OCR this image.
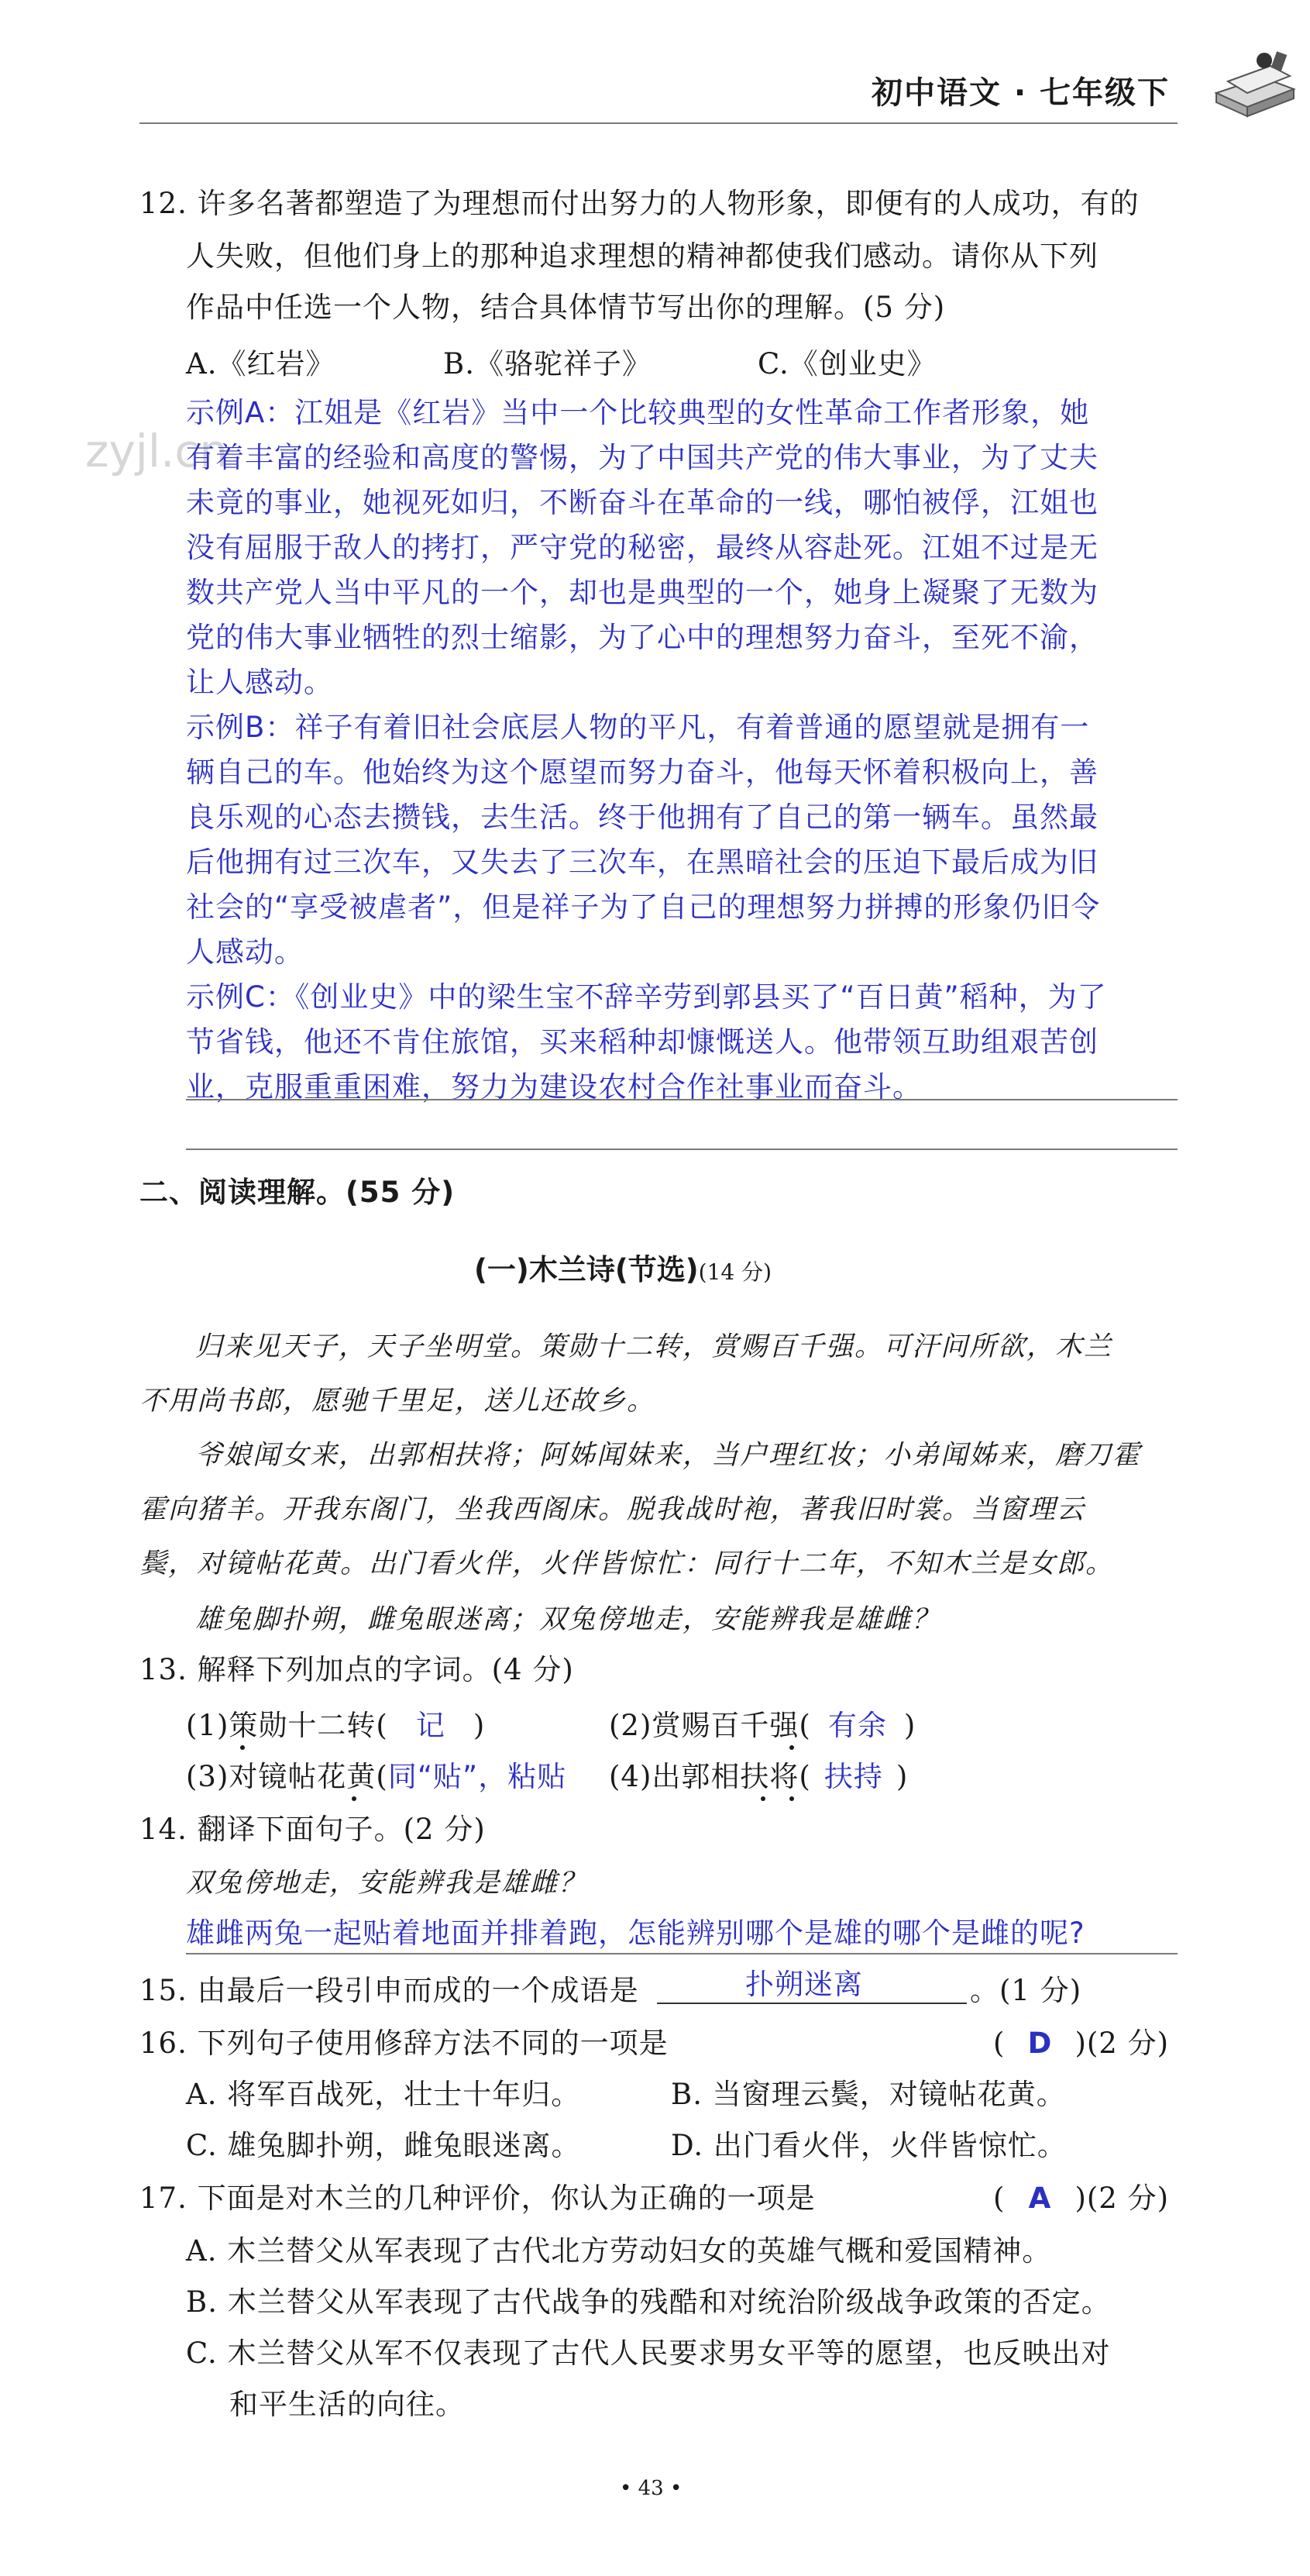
初中语文 · 七年级下
zyjl.cn
12. 许多名著都塑造了为理想而付出努力的人物形象，即便有的人成功，有的
人失败，但他们身上的那种追求理想的精神都使我们感动。请你从下列
作品中任选一个人物，结合具体情节写出你的理解。(5 分)
A.《红岩》	B.《骆驼祥子》	C.《创业史》
示例A：江姐是《红岩》当中一个比较典型的女性革命工作者形象，她
有着丰富的经验和高度的警惕，为了中国共产党的伟大事业，为了丈夫
未竟的事业，她视死如归，不断奋斗在革命的一线，哪怕被俘，江姐也
没有屈服于敌人的拷打，严守党的秘密，最终从容赴死。江姐不过是无
数共产党人当中平凡的一个，却也是典型的一个，她身上凝聚了无数为
党的伟大事业牺牲的烈士缩影，为了心中的理想努力奋斗，至死不渝，
让人感动。
示例B：祥子有着旧社会底层人物的平凡，有着普通的愿望就是拥有一
辆自己的车。他始终为这个愿望而努力奋斗，他每天怀着积极向上，善
良乐观的心态去攒钱，去生活。终于他拥有了自己的第一辆车。虽然最
后他拥有过三次车，又失去了三次车，在黑暗社会的压迫下最后成为旧
社会的“享受被虐者”，但是祥子为了自己的理想努力拼搏的形象仍旧令
人感动。
示例C：《创业史》中的梁生宝不辞辛劳到郭县买了“百日黄”稻种，为了
节省钱，他还不肯住旅馆，买来稻种却慷慨送人。他带领互助组艰苦创
业，克服重重困难，努力为建设农村合作社事业而奋斗。
二、阅读理解。(55 分)
(一)木兰诗(节选)(14 分)
归来见天子，天子坐明堂。策勋十二转，赏赐百千强。可汗问所欲，木兰
不用尚书郎，愿驰千里足，送儿还故乡。
爷娘闻女来，出郭相扶将；阿姊闻妹来，当户理红妆；小弟闻姊来，磨刀霍
霍向猪羊。开我东阁门，坐我西阁床。脱我战时袍，著我旧时裳。当窗理云
鬓，对镜帖花黄。出门看火伴，火伴皆惊忙：同行十二年，不知木兰是女郎。
雄兔脚扑朔，雌兔眼迷离；双兔傍地走，安能辨我是雄雌？
13. 解释下列加点的字词。(4 分)
(1)策勋十二转( 记 )	(2)赏赐百千强( 有余 )
(3)对镜帖花黄(同“贴”，粘贴 (4)出郭相扶将( 扶持 )
14. 翻译下面句子。(2 分)
双兔傍地走，安能辨我是雄雌？
雄雌两兔一起贴着地面并排着跑，怎能辨别哪个是雄的哪个是雌的呢?
15. 由最后一段引申而成的一个成语是	扑朔迷离	。(1 分)
16. 下列句子使用修辞方法不同的一项是	( D )(2 分)
A. 将军百战死，壮士十年归。	B. 当窗理云鬓，对镜帖花黄。
C. 雄兔脚扑朔，雌兔眼迷离。	D. 出门看火伴，火伴皆惊忙。
17. 下面是对木兰的几种评价，你认为正确的一项是	( A )(2 分)
A. 木兰替父从军表现了古代北方劳动妇女的英雄气概和爱国精神。
B. 木兰替父从军表现了古代战争的残酷和对统治阶级战争政策的否定。
C. 木兰替父从军不仅表现了古代人民要求男女平等的愿望，也反映出对
和平生活的向往。
• 43 •
